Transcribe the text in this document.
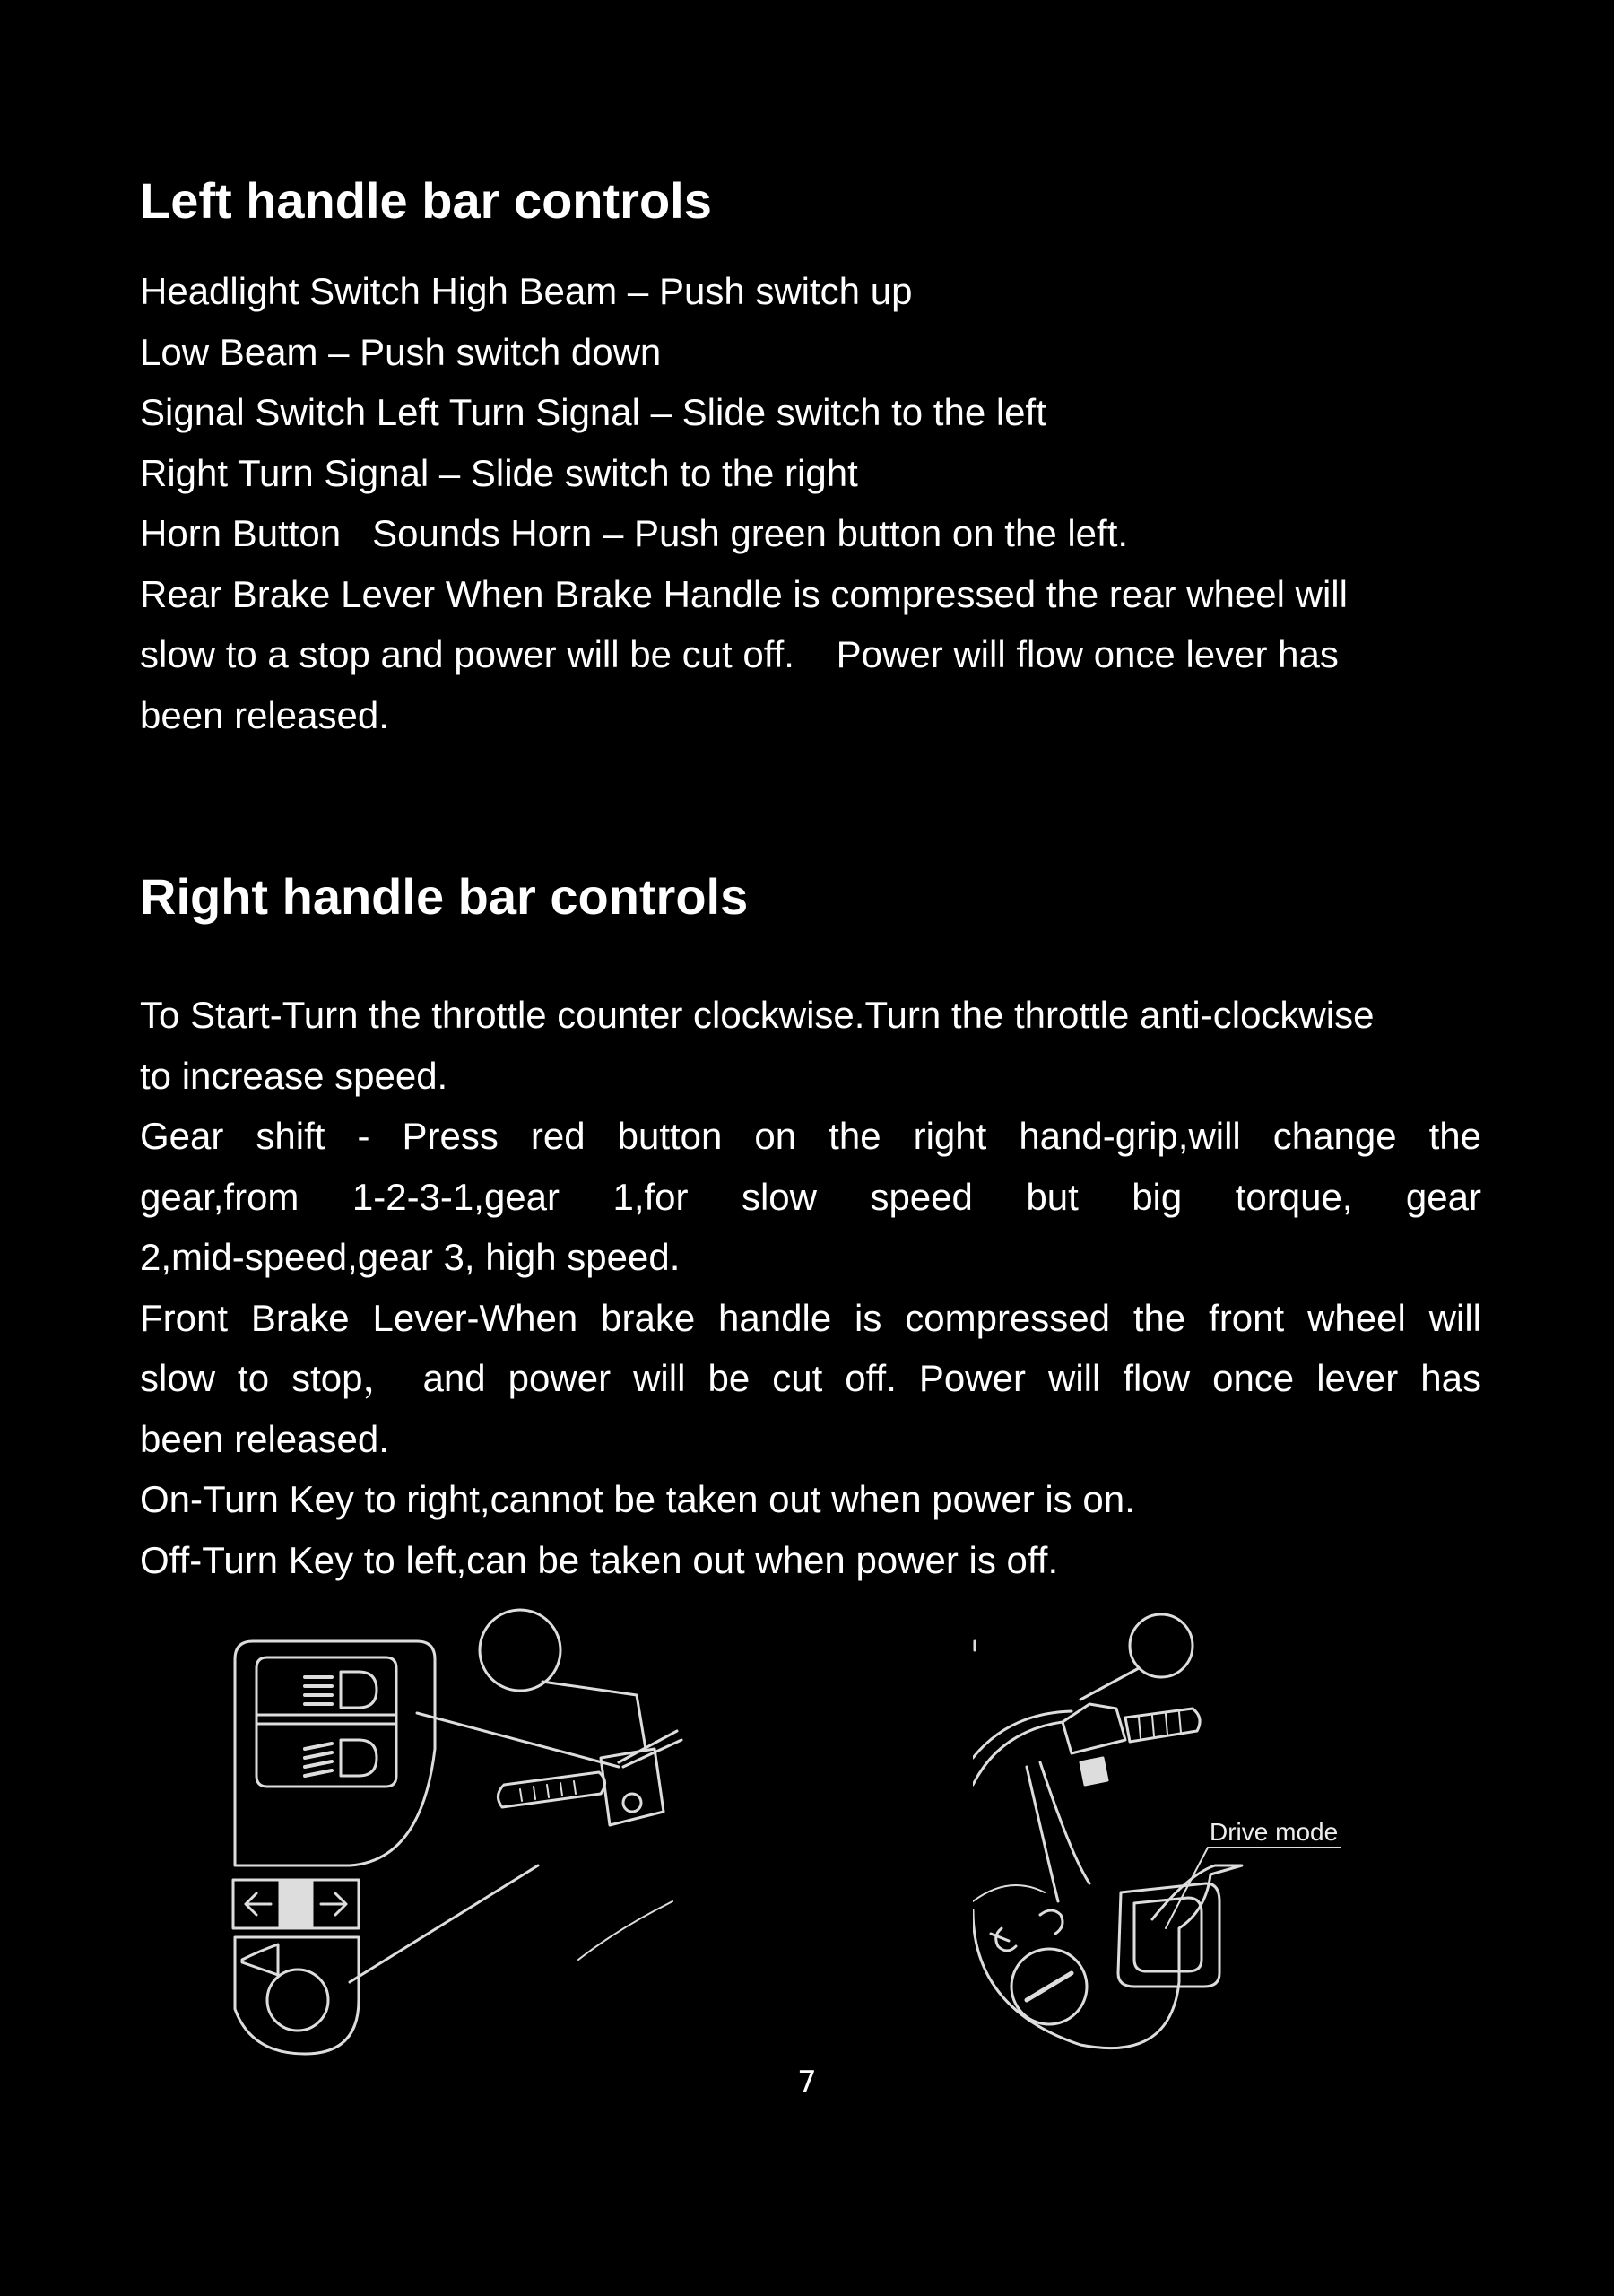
Left handle bar controls
Headlight Switch High Beam – Push switch up
Low Beam – Push switch down
Signal Switch Left Turn Signal – Slide switch to the left
Right Turn Signal – Slide switch to the right
Horn Button   Sounds Horn – Push green button on the left.
Rear Brake Lever When Brake Handle is compressed the rear wheel will
slow to a stop and power will be cut off.    Power will flow once lever has
been released.
Right handle bar controls
To Start-Turn the throttle counter clockwise.Turn the throttle anti-clockwise
to increase speed.
Gear shift - Press red button on the right hand-grip,will change the
gear,from 1-2-3-1,gear 1,for slow speed but big torque, gear
2,mid-speed,gear 3, high speed.
Front Brake Lever-When brake handle is compressed the front wheel will
slow to stop， and power will be cut off. Power will flow once lever has
been released.
On-Turn Key to right,cannot be taken out when power is on.
Off-Turn Key to left,can be taken out when power is off.
Drive mode
7
